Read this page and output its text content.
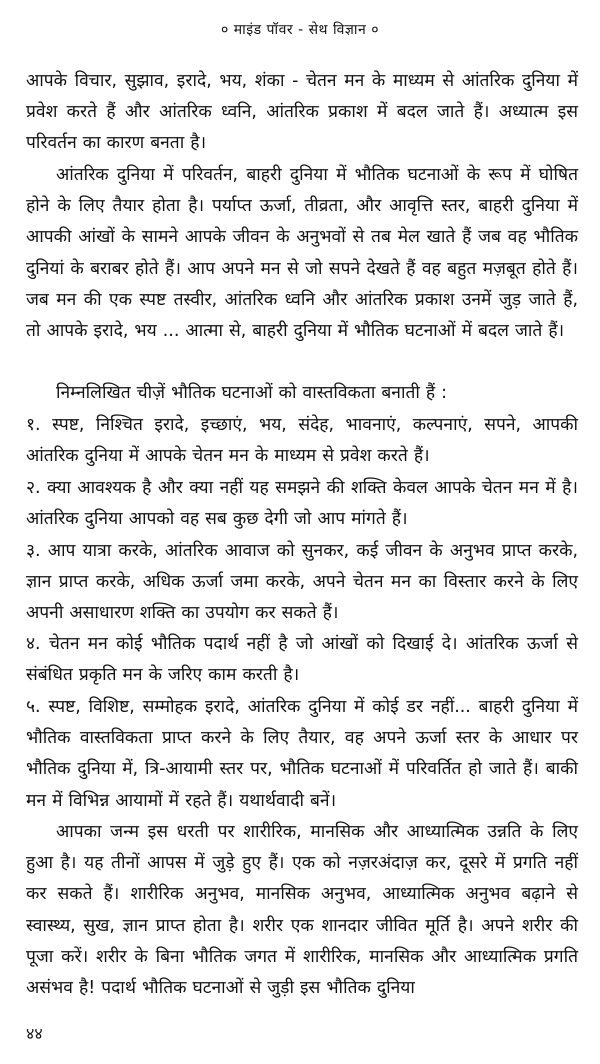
० माइंड पॉवर - सेथ विज्ञान ०

आपके विचार, सुझाव, इरादे, भय, शंका - चेतन मन के माध्यम से आंतरिक दुनिया में प्रवेश करते हैं और आंतरिक ध्वनि, आंतरिक प्रकाश में बदल जाते हैं। अध्यात्म इस परिवर्तन का कारण बनता है।

आंतरिक दुनिया में परिवर्तन, बाहरी दुनिया में भौतिक घटनाओं के रूप में घोषित होने के लिए तैयार होता है। पर्याप्त ऊर्जा, तीव्रता, और आवृत्ति स्तर, बाहरी दुनिया में आपकी आंखों के सामने आपके जीवन के अनुभवों से तब मेल खाते हैं जब वह भौतिक दुनियां के बराबर होते हैं। आप अपने मन से जो सपने देखते हैं वह बहुत मज़बूत होते हैं। जब मन की एक स्पष्ट तस्वीर, आंतरिक ध्वनि और आंतरिक प्रकाश उनमें जुड़ जाते हैं, तो आपके इरादे, भय ... आत्मा से, बाहरी दुनिया में भौतिक घटनाओं में बदल जाते हैं।

निम्नलिखित चीज़ें भौतिक घटनाओं को वास्तविकता बनाती हैं :

१. स्पष्ट, निश्चित इरादे, इच्छाएं, भय, संदेह, भावनाएं, कल्पनाएं, सपने, आपकी आंतरिक दुनिया में आपके चेतन मन के माध्यम से प्रवेश करते हैं।

२. क्या आवश्यक है और क्या नहीं यह समझने की शक्ति केवल आपके चेतन मन में है। आंतरिक दुनिया आपको वह सब कुछ देगी जो आप मांगते हैं।

३. आप यात्रा करके, आंतरिक आवाज को सुनकर, कई जीवन के अनुभव प्राप्त करके, ज्ञान प्राप्त करके, अधिक ऊर्जा जमा करके, अपने चेतन मन का विस्तार करने के लिए अपनी असाधारण शक्ति का उपयोग कर सकते हैं।

४. चेतन मन कोई भौतिक पदार्थ नहीं है जो आंखों को दिखाई दे। आंतरिक ऊर्जा से संबंधित प्रकृति मन के जरिए काम करती है।

५. स्पष्ट, विशिष्ट, सम्मोहक इरादे, आंतरिक दुनिया में कोई डर नहीं... बाहरी दुनिया में भौतिक वास्तविकता प्राप्त करने के लिए तैयार, वह अपने ऊर्जा स्तर के आधार पर भौतिक दुनिया में, त्रि-आयामी स्तर पर, भौतिक घटनाओं में परिवर्तित हो जाते हैं। बाकी मन में विभिन्न आयामों में रहते हैं। यथार्थवादी बनें।

आपका जन्म इस धरती पर शारीरिक, मानसिक और आध्यात्मिक उन्नति के लिए हुआ है। यह तीनों आपस में जुड़े हुए हैं। एक को नज़रअंदाज़ कर, दूसरे में प्रगति नहीं कर सकते हैं। शारीरिक अनुभव, मानसिक अनुभव, आध्यात्मिक अनुभव बढ़ाने से स्वास्थ्य, सुख, ज्ञान प्राप्त होता है। शरीर एक शानदार जीवित मूर्ति है। अपने शरीर की पूजा करें। शरीर के बिना भौतिक जगत में शारीरिक, मानसिक और आध्यात्मिक प्रगति असंभव है! पदार्थ भौतिक घटनाओं से जुड़ी इस भौतिक दुनिया

४४
